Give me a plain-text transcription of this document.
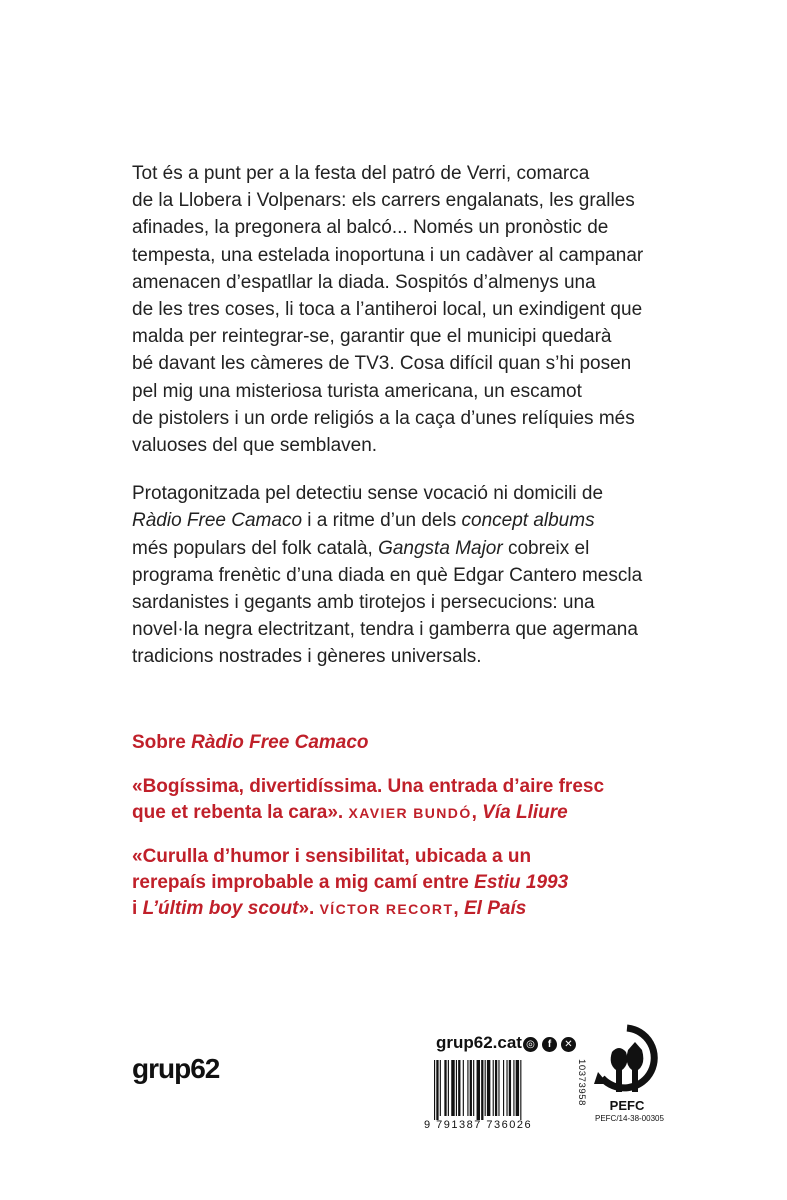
Tot és a punt per a la festa del patró de Verri, comarca
de la Llobera i Volpenars: els carrers engalanats, les gralles
afinades, la pregonera al balcó... Només un pronòstic de
tempesta, una estelada inoportuna i un cadàver al campanar
amenacen d’espatllar la diada. Sospitós d’almenys una
de les tres coses, li toca a l’antiheroi local, un exindigent que
malda per reintegrar-se, garantir que el municipi quedarà
bé davant les càmeres de TV3. Cosa difícil quan s’hi posen
pel mig una misteriosa turista americana, un escamot
de pistolers i un orde religiós a la caça d’unes relíquies més
valuoses del que semblaven.

Protagonitzada pel detectiu sense vocació ni domicili de
Ràdio Free Camaco i a ritme d’un dels concept albums
més populars del folk català, Gangsta Major cobreix el
programa frenètic d’una diada en què Edgar Cantero mescla
sardanistes i gegants amb tirotejos i persecucions: una
novel·la negra electritzant, tendra i gamberra que agermana
tradicions nostrades i gèneres universals.

Sobre Ràdio Free Camaco

«Bogíssima, divertidíssima. Una entrada d’aire fresc
que et rebenta la cara». XAVIER BUNDÓ, Vía Lliure

«Curulla d’humor i sensibilitat, ubicada a un
rerepaís improbable a mig camí entre Estiu 1993
i L’últim boy scout». VÍCTOR RECORT, El País

grup62
grup62.cat ◎	f	✕
9 791387 736026
10373958 PEFC
PEFC/14-38-00305
